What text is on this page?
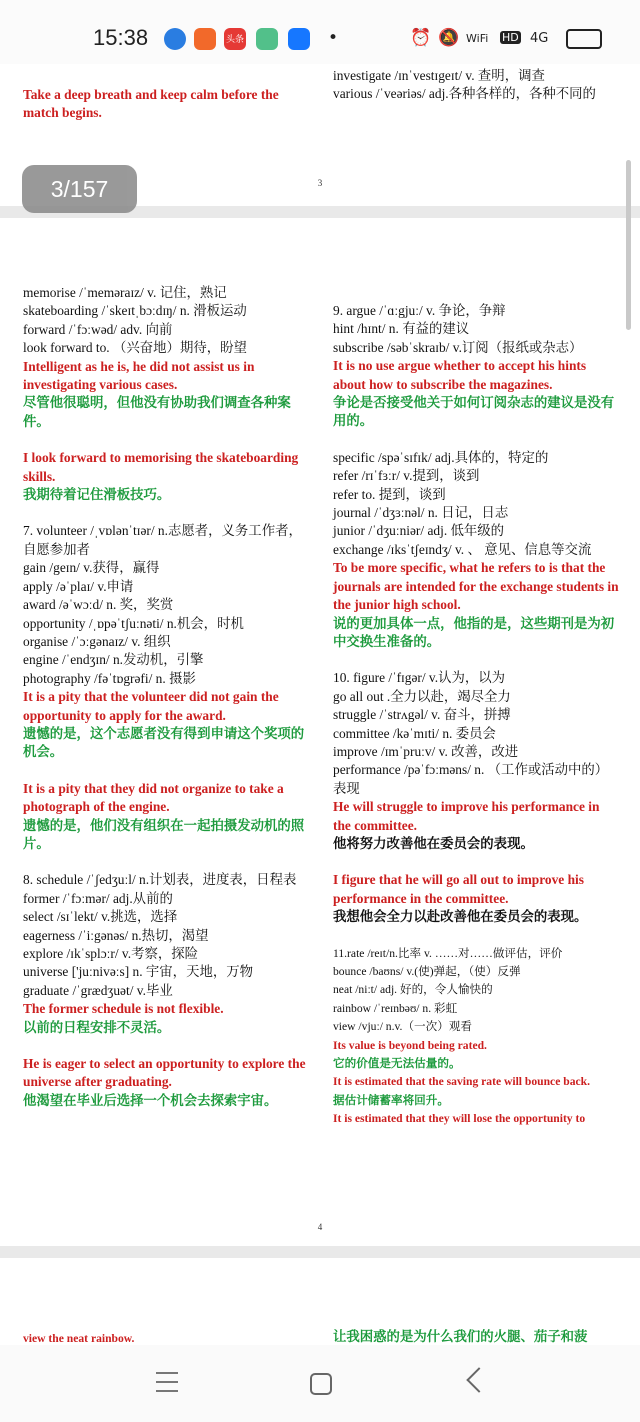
15:38	头条	•	⏰ 🔕 WiFi HD 4G

Take a deep breath and keep calm before the match begins.

investigate /ɪnˈvestɪgeɪt/ v. 查明，调查

various /ˈveəriəs/ adj.各种各样的，各种不同的

3
3/157

memorise /ˈmeməraɪz/ v. 记住，熟记

skateboarding /ˈskeɪtˌbɔːdɪŋ/ n. 滑板运动

forward /ˈfɔːwəd/ adv. 向前

look forward to. （兴奋地）期待，盼望

Intelligent as he is, he did not assist us in investigating various cases.

尽管他很聪明，但他没有协助我们调查各种案件。

I look forward to memorising the skateboarding skills.

我期待着记住滑板技巧。

7. volunteer /ˌvɒlənˈtɪər/ n.志愿者，义务工作者，自愿参加者

gain /geɪn/ v.获得，赢得

apply /əˈplaɪ/ v.申请

award /əˈwɔːd/ n. 奖，奖赏

opportunity /ˌɒpəˈtʃuːnəti/ n.机会，时机

organise /ˈɔːgənaɪz/ v. 组织

engine /ˈendʒɪn/ n.发动机，引擎

photography /fəˈtɒgrəfi/ n. 摄影

It is a pity that the volunteer did not gain the opportunity to apply for the award.

遗憾的是，这个志愿者没有得到申请这个奖项的机会。

It is a pity that they did not organize to take a photograph of the engine.

遗憾的是，他们没有组织在一起拍摄发动机的照片。

8. schedule /ˈʃedʒuːl/ n.计划表，进度表，日程表

former /ˈfɔːmər/ adj.从前的

select /sɪˈlekt/ v.挑选，选择

eagerness /ˈiːgənəs/ n.热切，渴望

explore /ɪkˈsplɔːr/ v.考察，探险

universe ['juːnivəːs] n. 宇宙，天地，万物

graduate /ˈgrædʒuət/ v.毕业

The former schedule is not flexible.

以前的日程安排不灵活。

He is eager to select an opportunity to explore the universe after graduating.

他渴望在毕业后选择一个机会去探索宇宙。

9. argue /ˈɑːgjuː/ v. 争论，争辩

hint /hɪnt/ n. 有益的建议

subscribe /səbˈskraɪb/ v.订阅（报纸或杂志）

It is no use argue whether to accept his hints about how to subscribe the magazines.

争论是否接受他关于如何订阅杂志的建议是没有用的。

specific /spəˈsɪfɪk/ adj.具体的，特定的

refer /rɪˈfɜːr/ v.提到，谈到

refer to. 提到，谈到

journal /ˈdʒɜːnəl/ n. 日记，日志

junior /ˈdʒuːniər/ adj. 低年级的

exchange /ɪksˈtʃeɪndʒ/ v. 、 意见、信息等交流

To be more specific, what he refers to is that the journals are intended for the exchange students in the junior high school.

说的更加具体一点，他指的是，这些期刊是为初中交换生准备的。

10. figure /ˈfɪgər/ v.认为，以为

go all out .全力以赴，竭尽全力

struggle /ˈstrʌgəl/ v. 奋斗，拼搏

committee /kəˈmɪti/ n. 委员会

improve /ɪmˈpruːv/ v. 改善，改进

performance /pəˈfɔːməns/ n. （工作或活动中的）表现

He will struggle to improve his performance in the committee.

他将努力改善他在委员会的表现。

I figure that he will go all out to improve his performance in the committee.

我想他会全力以赴改善他在委员会的表现。

11.rate /reɪt/n.比率 v. ……对……做评估，评价

bounce /baʊns/ v.(使)弹起，（使）反弹

neat /niːt/ adj. 好的，令人愉快的

rainbow /ˈreɪnbəʊ/ n. 彩虹

view /vjuː/ n.v.（一次）观看

Its value is beyond being rated.

它的价值是无法估量的。

It is estimated that the saving rate will bounce back.

据估计储蓄率将回升。

It is estimated that they will lose the opportunity to

4

view the neat rainbow.	让我困惑的是为什么我们的火腿、茄子和菠
